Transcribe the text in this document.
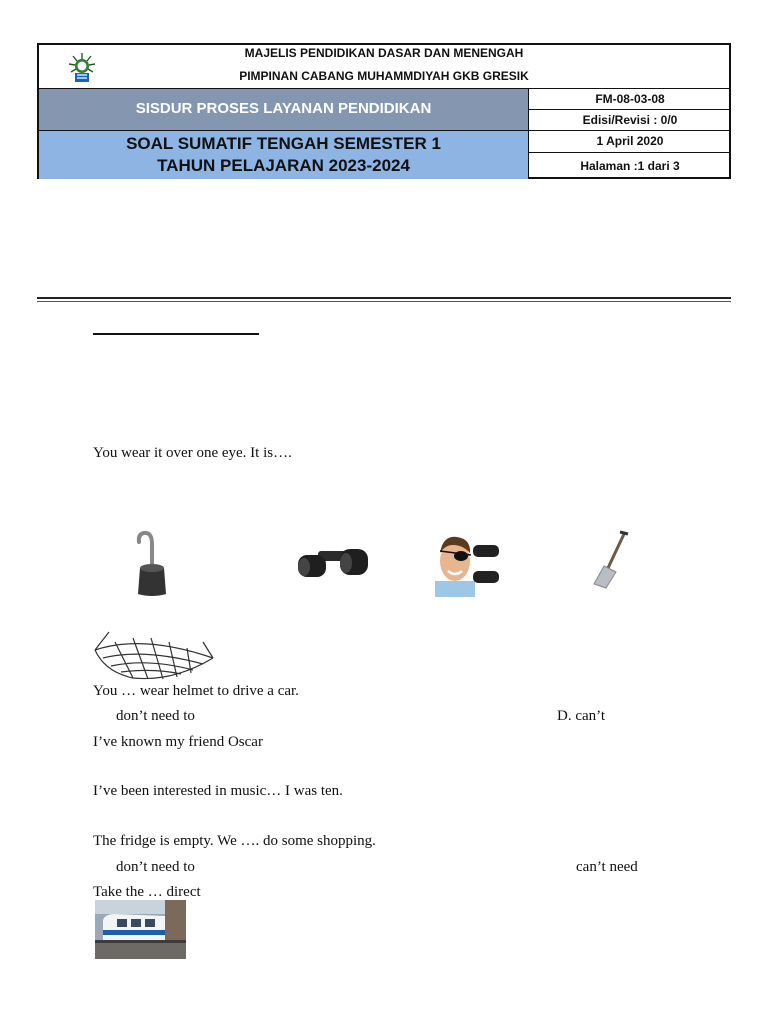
MAJELIS PENDIDIKAN DASAR DAN MENENGAH
PIMPINAN CABANG MUHAMMDIYAH GKB GRESIK
SISDUR PROSES LAYANAN PENDIDIKAN
SOAL SUMATIF TENGAH SEMESTER 1
TAHUN PELAJARAN 2023-2024
FM-08-03-08
Edisi/Revisi : 0/0
1 April 2020
Halaman :1 dari 3
You wear it over one eye. It is….
You … wear helmet to drive a car.
don’t need to	D. can’t
I’ve known my friend Oscar
I’ve been interested in music… I was ten.
The fridge is empty. We …. do some shopping.
don’t need to	can’t need
Take the … direct
